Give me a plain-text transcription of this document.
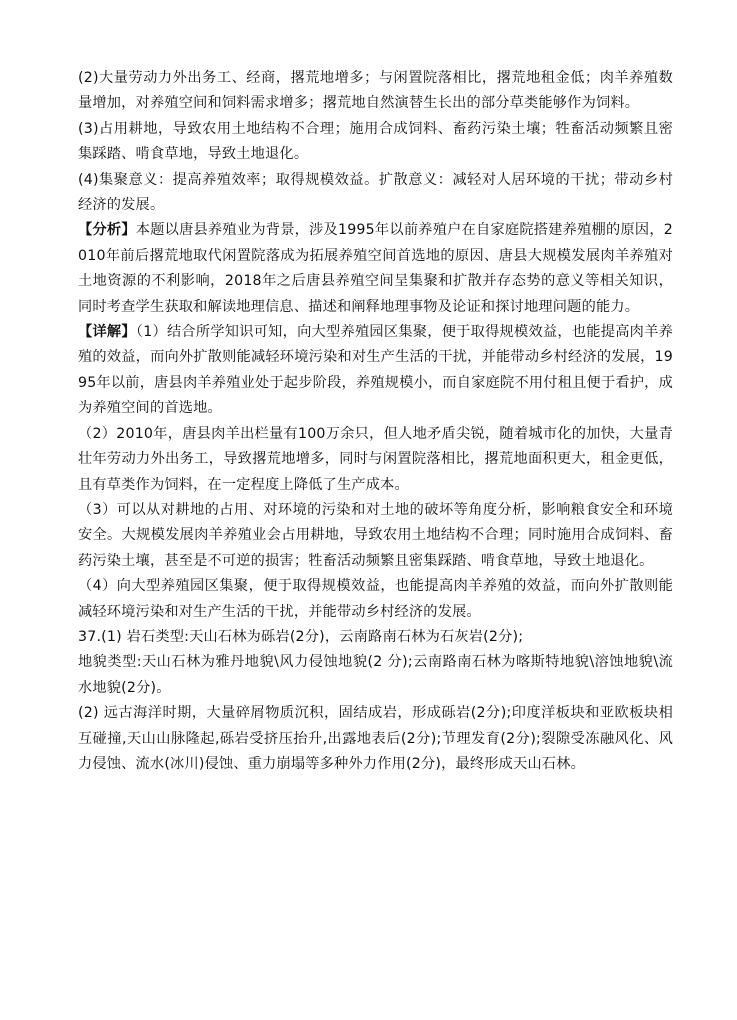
(2)大量劳动力外出务工、经商，撂荒地增多；与闲置院落相比，撂荒地租金低；肉羊养殖数量增加，对养殖空间和饲料需求增多；撂荒地自然演替生长出的部分草类能够作为饲料。

(3)占用耕地，导致农用土地结构不合理；施用合成饲料、畜药污染土壤；牲畜活动频繁且密集踩踏、啃食草地，导致土地退化。

(4)集聚意义：提高养殖效率；取得规模效益。扩散意义：减轻对人居环境的干扰；带动乡村经济的发展。

【分析】本题以唐县养殖业为背景，涉及1995年以前养殖户在自家庭院搭建养殖棚的原因，2010年前后撂荒地取代闲置院落成为拓展养殖空间首选地的原因、唐县大规模发展肉羊养殖对土地资源的不利影响，2018年之后唐县养殖空间呈集聚和扩散并存态势的意义等相关知识，同时考查学生获取和解读地理信息、描述和阐释地理事物及论证和探讨地理问题的能力。

【详解】（1）结合所学知识可知，向大型养殖园区集聚，便于取得规模效益，也能提高肉羊养殖的效益，而向外扩散则能减轻环境污染和对生产生活的干扰，并能带动乡村经济的发展，1995年以前，唐县肉羊养殖业处于起步阶段，养殖规模小，而自家庭院不用付租且便于看护，成为养殖空间的首选地。

（2）2010年，唐县肉羊出栏量有100万余只，但人地矛盾尖锐，随着城市化的加快，大量青壮年劳动力外出务工，导致撂荒地增多，同时与闲置院落相比，撂荒地面积更大，租金更低，且有草类作为饲料，在一定程度上降低了生产成本。

（3）可以从对耕地的占用、对环境的污染和对土地的破坏等角度分析，影响粮食安全和环境安全。大规模发展肉羊养殖业会占用耕地，导致农用土地结构不合理；同时施用合成饲料、畜药污染土壤，甚至是不可逆的损害；牲畜活动频繁且密集踩踏、啃食草地，导致土地退化。

（4）向大型养殖园区集聚，便于取得规模效益，也能提高肉羊养殖的效益，而向外扩散则能减轻环境污染和对生产生活的干扰，并能带动乡村经济的发展。

37.(1) 岩石类型:天山石林为砾岩(2分)，云南路南石林为石灰岩(2分);

地貌类型:天山石林为雅丹地貌\风力侵蚀地貌(2 分);云南路南石林为喀斯特地貌\溶蚀地貌\流水地貌(2分)。

(2) 远古海洋时期，大量碎屑物质沉积，固结成岩，形成砾岩(2分);印度洋板块和亚欧板块相互碰撞,天山山脉隆起,砾岩受挤压抬升,出露地表后(2分);节理发育(2分);裂隙受冻融风化、风力侵蚀、流水(冰川)侵蚀、重力崩塌等多种外力作用(2分)，最终形成天山石林。
